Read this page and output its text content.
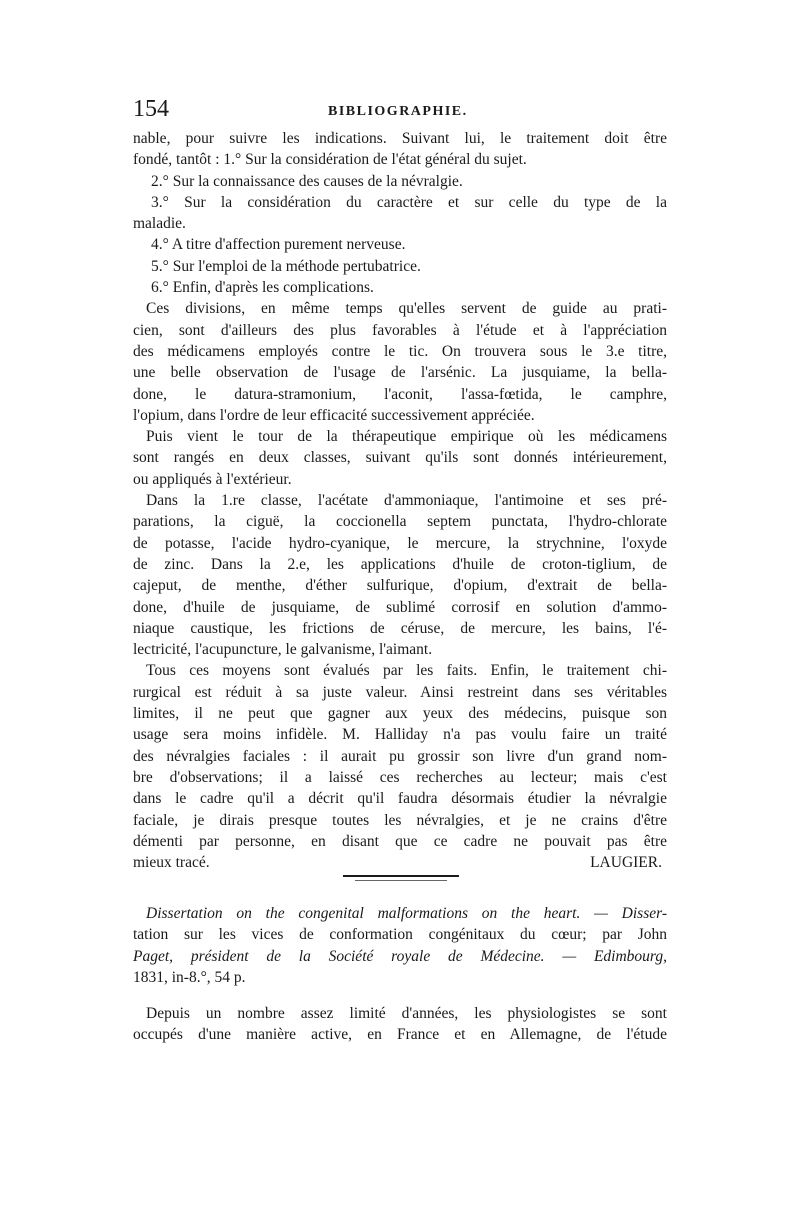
154	BIBLIOGRAPHIE.

nable, pour suivre les indications. Suivant lui, le traitement doit être

fondé, tantôt : 1.° Sur la considération de l'état général du sujet.

2.° Sur la connaissance des causes de la névralgie.

3.° Sur la considération du caractère et sur celle du type de la

maladie.

4.° A titre d'affection purement nerveuse.

5.° Sur l'emploi de la méthode pertubatrice.

6.° Enfin, d'après les complications.

Ces divisions, en même temps qu'elles servent de guide au prati-

cien, sont d'ailleurs des plus favorables à l'étude et à l'appréciation

des médicamens employés contre le tic. On trouvera sous le 3.e titre,

une belle observation de l'usage de l'arsénic. La jusquiame, la bella-

done, le datura-stramonium, l'aconit, l'assa-fœtida, le camphre,

l'opium, dans l'ordre de leur efficacité successivement appréciée.

Puis vient le tour de la thérapeutique empirique où les médicamens

sont rangés en deux classes, suivant qu'ils sont donnés intérieurement,

ou appliqués à l'extérieur.

Dans la 1.re classe, l'acétate d'ammoniaque, l'antimoine et ses pré-

parations, la ciguë, la coccionella septem punctata, l'hydro-chlorate

de potasse, l'acide hydro-cyanique, le mercure, la strychnine, l'oxyde

de zinc. Dans la 2.e, les applications d'huile de croton-tiglium, de

cajeput, de menthe, d'éther sulfurique, d'opium, d'extrait de bella-

done, d'huile de jusquiame, de sublimé corrosif en solution d'ammo-

niaque caustique, les frictions de céruse, de mercure, les bains, l'é-

lectricité, l'acupuncture, le galvanisme, l'aimant.

Tous ces moyens sont évalués par les faits. Enfin, le traitement chi-

rurgical est réduit à sa juste valeur. Ainsi restreint dans ses véritables

limites, il ne peut que gagner aux yeux des médecins, puisque son

usage sera moins infidèle. M. Halliday n'a pas voulu faire un traité

des névralgies faciales : il aurait pu grossir son livre d'un grand nom-

bre d'observations; il a laissé ces recherches au lecteur; mais c'est

dans le cadre qu'il a décrit qu'il faudra désormais étudier la névralgie

faciale, je dirais presque toutes les névralgies, et je ne crains d'être

démenti par personne, en disant que ce cadre ne pouvait pas être

mieux tracé.	LAUGIER.

Dissertation on the congenital malformations on the heart. — Disser-

tation sur les vices de conformation congénitaux du cœur; par John

Paget, président de la Société royale de Médecine. — Edimbourg,

1831, in-8.°, 54 p.

Depuis un nombre assez limité d'années, les physiologistes se sont

occupés d'une manière active, en France et en Allemagne, de l'étude
